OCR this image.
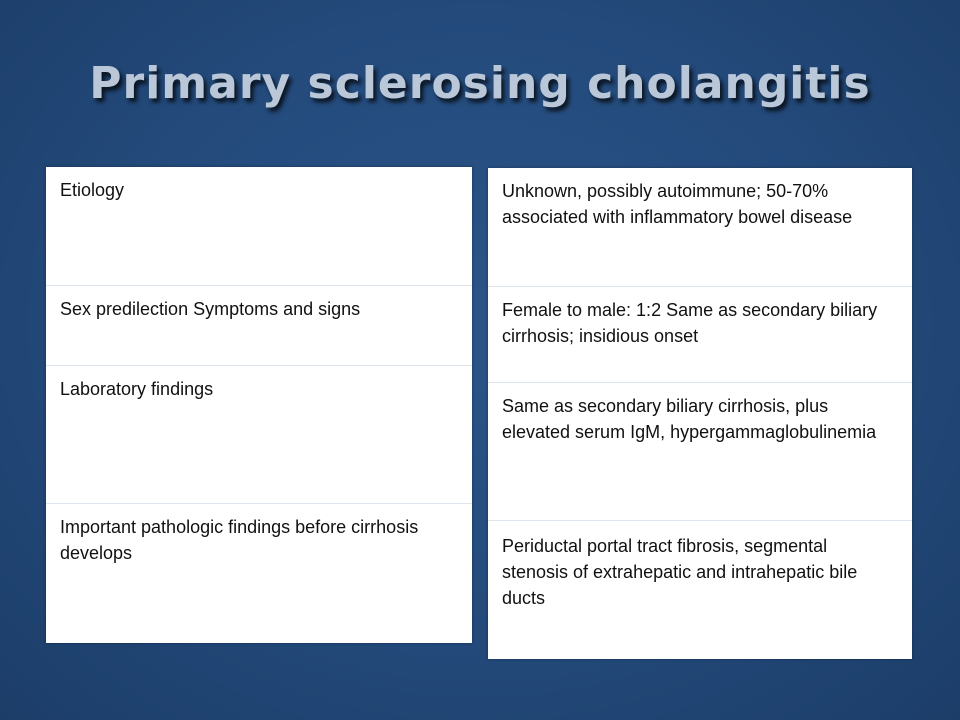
Primary sclerosing cholangitis
Etiology
Sex predilection Symptoms and signs
Laboratory findings
Important pathologic findings before cirrhosis develops
Unknown, possibly autoimmune; 50-70% associated with inflammatory bowel disease
Female to male: 1:2 Same as secondary biliary cirrhosis; insidious onset
Same as secondary biliary cirrhosis, plus elevated serum IgM, hypergammaglobulinemia
Periductal portal tract fibrosis, segmental stenosis of extrahepatic and intrahepatic bile ducts
